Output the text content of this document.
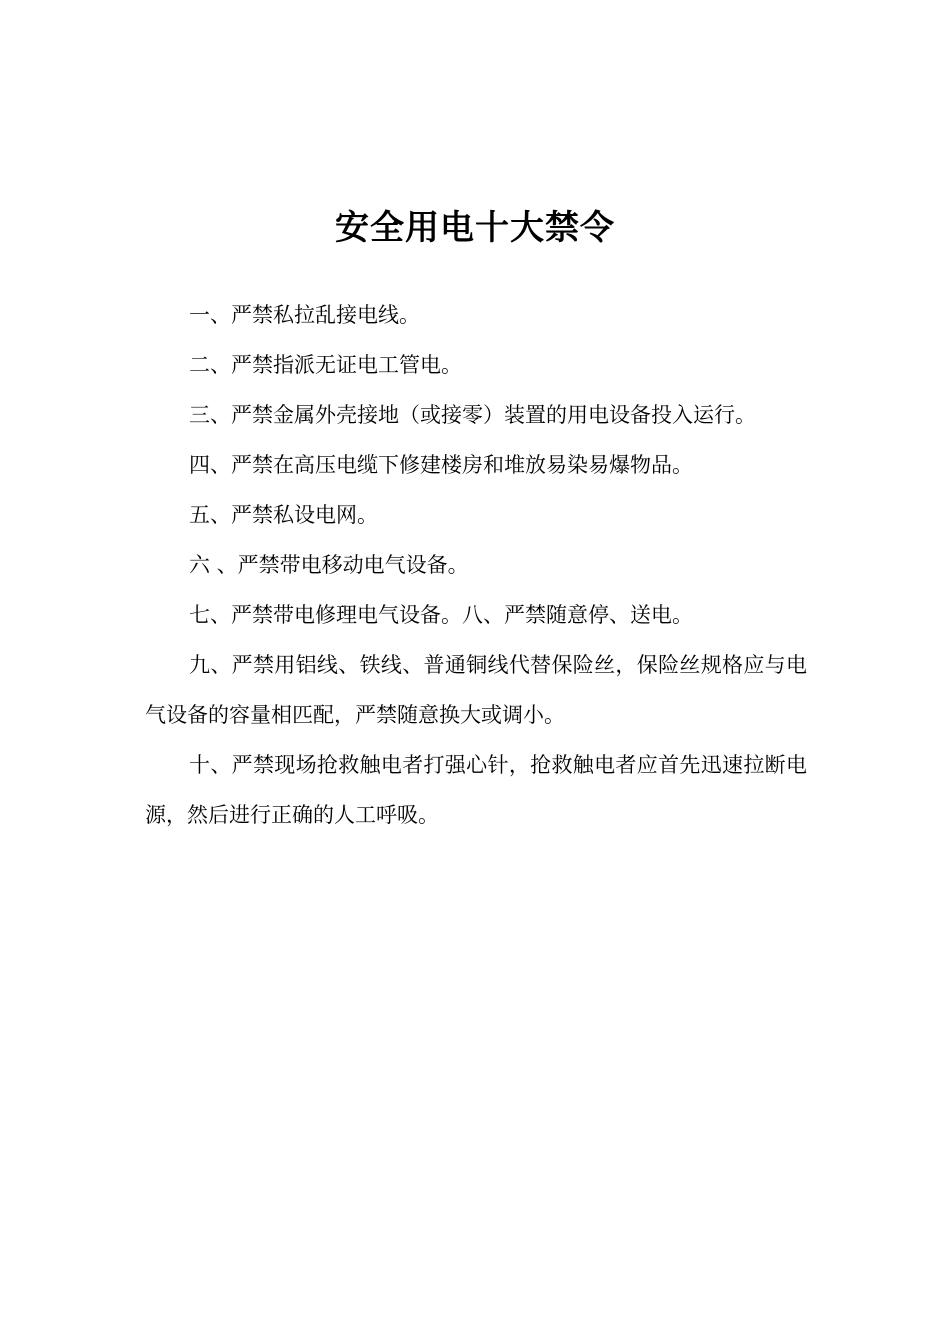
安全用电十大禁令

一、严禁私拉乱接电线。

二、严禁指派无证电工管电。

三、严禁金属外壳接地（或接零）装置的用电设备投入运行。

四、严禁在高压电缆下修建楼房和堆放易染易爆物品。

五、严禁私设电网。

六 、严禁带电移动电气设备。

七、严禁带电修理电气设备。八、严禁随意停、送电。

九、严禁用铝线、铁线、普通铜线代替保险丝，保险丝规格应与电气设备的容量相匹配，严禁随意换大或调小。

十、严禁现场抢救触电者打强心针，抢救触电者应首先迅速拉断电源，然后进行正确的人工呼吸。
